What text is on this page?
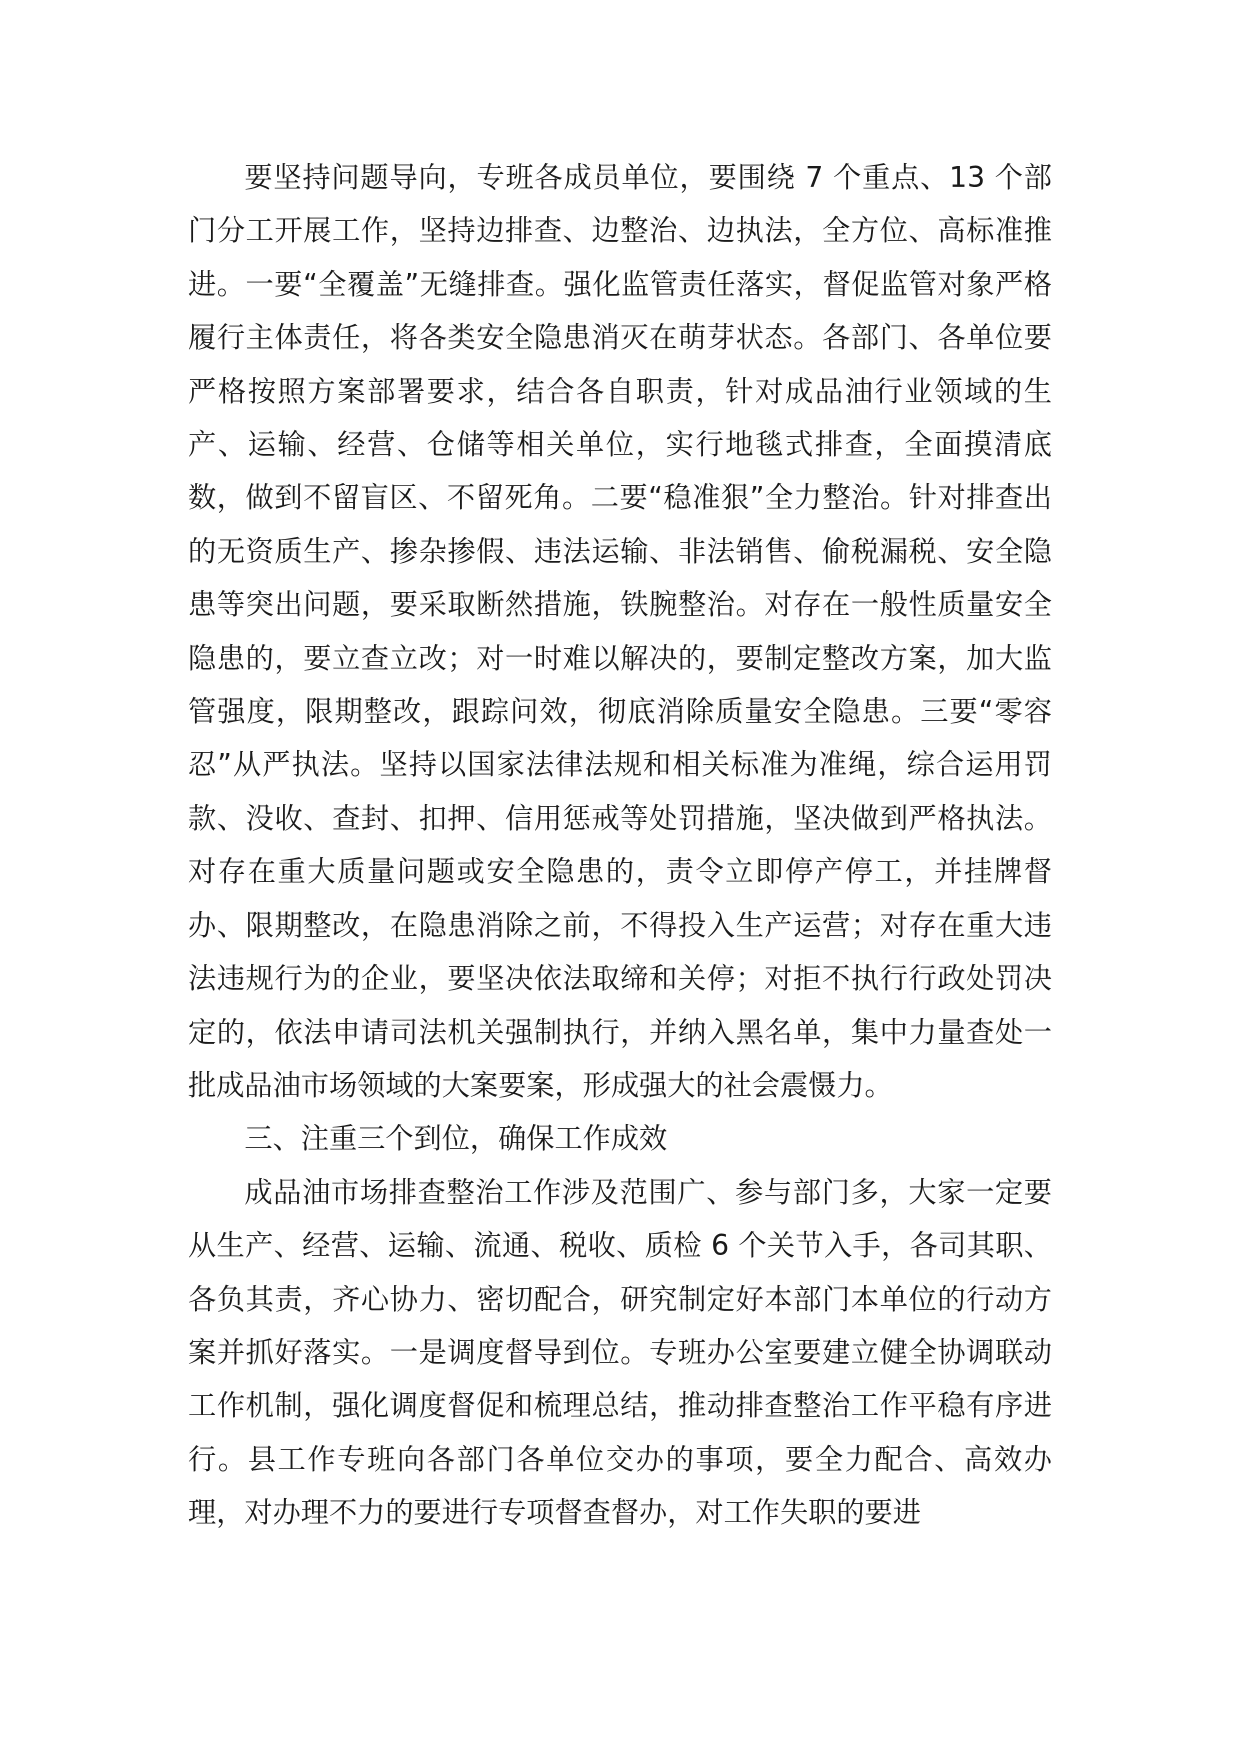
要坚持问题导向，专班各成员单位，要围绕 7 个重点、13 个部门分工开展工作，坚持边排查、边整治、边执法，全方位、高标准推进。一要“全覆盖”无缝排查。强化监管责任落实，督促监管对象严格履行主体责任，将各类安全隐患消灭在萌芽状态。各部门、各单位要严格按照方案部署要求，结合各自职责，针对成品油行业领域的生产、运输、经营、仓储等相关单位，实行地毯式排查，全面摸清底数，做到不留盲区、不留死角。二要“稳准狠”全力整治。针对排查出的无资质生产、掺杂掺假、违法运输、非法销售、偷税漏税、安全隐患等突出问题，要采取断然措施，铁腕整治。对存在一般性质量安全隐患的，要立查立改；对一时难以解决的，要制定整改方案，加大监管强度，限期整改，跟踪问效，彻底消除质量安全隐患。三要“零容忍”从严执法。坚持以国家法律法规和相关标准为准绳，综合运用罚款、没收、查封、扣押、信用惩戒等处罚措施，坚决做到严格执法。对存在重大质量问题或安全隐患的，责令立即停产停工，并挂牌督办、限期整改，在隐患消除之前，不得投入生产运营；对存在重大违法违规行为的企业，要坚决依法取缔和关停；对拒不执行行政处罚决定的，依法申请司法机关强制执行，并纳入黑名单，集中力量查处一批成品油市场领域的大案要案，形成强大的社会震慑力。

三、注重三个到位，确保工作成效

成品油市场排查整治工作涉及范围广、参与部门多，大家一定要从生产、经营、运输、流通、税收、质检 6 个关节入手，各司其职、各负其责，齐心协力、密切配合，研究制定好本部门本单位的行动方案并抓好落实。一是调度督导到位。专班办公室要建立健全协调联动工作机制，强化调度督促和梳理总结，推动排查整治工作平稳有序进行。县工作专班向各部门各单位交办的事项，要全力配合、高效办理，对办理不力的要进行专项督查督办，对工作失职的要进
